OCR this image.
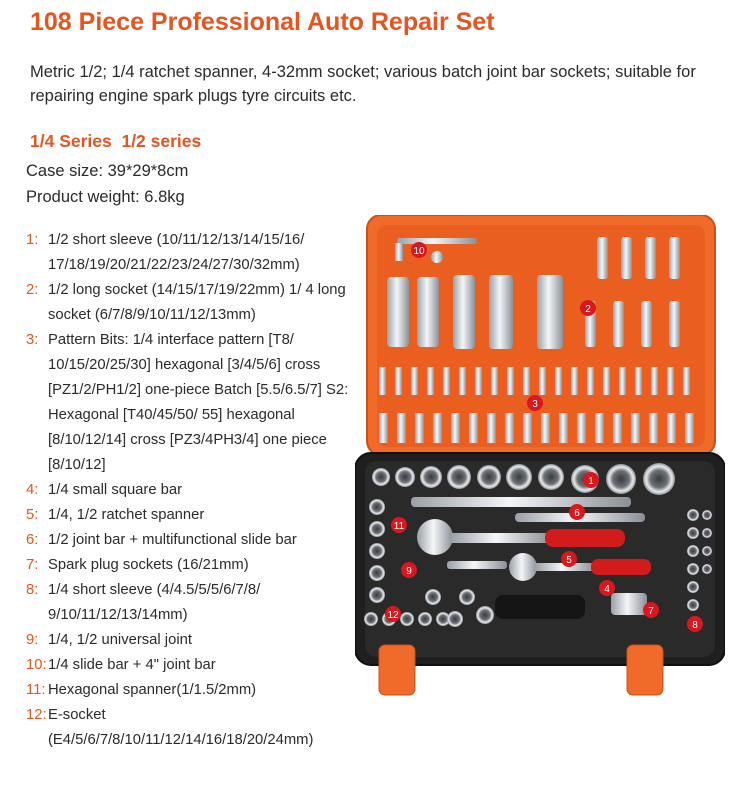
108 Piece Professional Auto Repair Set
Metric 1/2; 1/4 ratchet spanner, 4-32mm socket; various batch joint bar sockets; suitable for repairing engine spark plugs tyre circuits etc.
1/4 Series  1/2 series
Case size: 39*29*8cm
Product weight: 6.8kg
1: 1/2 short sleeve (10/11/12/13/14/15/16/ 17/18/19/20/21/22/23/24/27/30/32mm)
2: 1/2 long socket (14/15/17/19/22mm) 1/ 4 long socket (6/7/8/9/10/11/12/13mm)
3: Pattern Bits: 1/4 interface pattern [T8/ 10/15/20/25/30] hexagonal [3/4/5/6] cross [PZ1/2/PH1/2] one-piece Batch [5.5/6.5/7] S2: Hexagonal [T40/45/50/ 55] hexagonal [8/10/12/14] cross [PZ3/4PH3/4] one piece [8/10/12]
4: 1/4 small square bar
5: 1/4, 1/2 ratchet spanner
6: 1/2 joint bar + multifunctional slide bar
7: Spark plug sockets (16/21mm)
8: 1/4 short sleeve (4/4.5/5/5/6/7/8/ 9/10/11/12/13/14mm)
9: 1/4, 1/2 universal joint
10: 1/4 slide bar + 4" joint bar
11: Hexagonal spanner(1/1.5/2mm)
12: E-socket (E4/5/6/7/8/10/11/12/14/16/18/20/24mm)
10
2
3
1
6
11
5
9
4
7
12
8
